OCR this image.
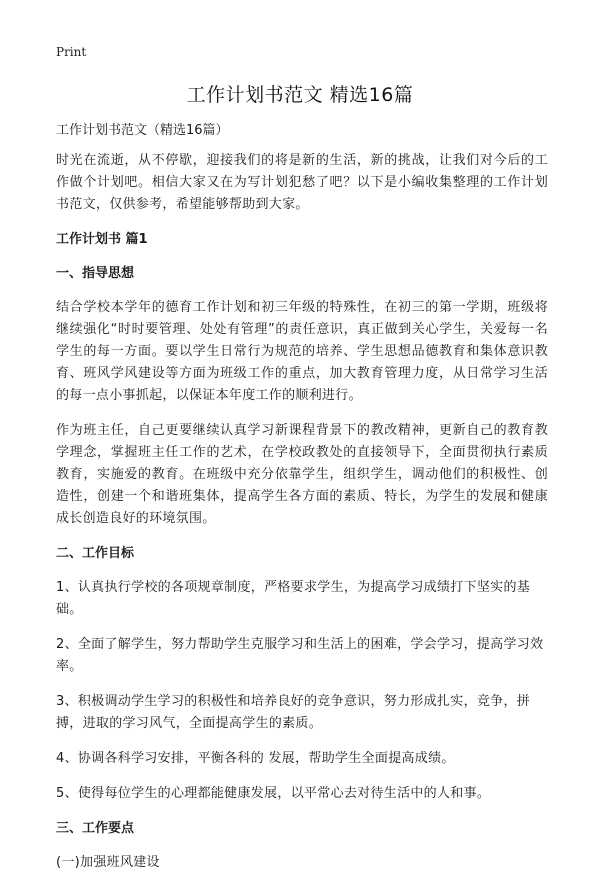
Print
工作计划书范文 精选16篇

工作计划书范文（精选16篇）

时光在流逝，从不停歇，迎接我们的将是新的生活，新的挑战，让我们对今后的工作做个计划吧。相信大家又在为写计划犯愁了吧？以下是小编收集整理的工作计划书范文，仅供参考，希望能够帮助到大家。

工作计划书 篇1

一、指导思想

结合学校本学年的德育工作计划和初三年级的特殊性，在初三的第一学期，班级将继续强化“时时要管理、处处有管理”的责任意识，真正做到关心学生，关爱每一名学生的每一方面。要以学生日常行为规范的培养、学生思想品德教育和集体意识教育、班风学风建设等方面为班级工作的重点，加大教育管理力度，从日常学习生活的每一点小事抓起，以保证本年度工作的顺利进行。

作为班主任，自己更要继续认真学习新课程背景下的教改精神，更新自己的教育教学理念，掌握班主任工作的艺术，在学校政教处的直接领导下，全面贯彻执行素质教育，实施爱的教育。在班级中充分依靠学生，组织学生，调动他们的积极性、创造性，创建一个和谐班集体，提高学生各方面的素质、特长，为学生的发展和健康成长创造良好的环境氛围。

二、工作目标

1、认真执行学校的各项规章制度，严格要求学生，为提高学习成绩打下坚实的基础。

2、全面了解学生，努力帮助学生克服学习和生活上的困难，学会学习，提高学习效率。

3、积极调动学生学习的积极性和培养良好的竞争意识，努力形成扎实，竞争，拼搏，进取的学习风气，全面提高学生的素质。

4、协调各科学习安排，平衡各科的 发展，帮助学生全面提高成绩。

5、使得每位学生的心理都能健康发展，以平常心去对待生活中的人和事。

三、工作要点

(一)加强班风建设
